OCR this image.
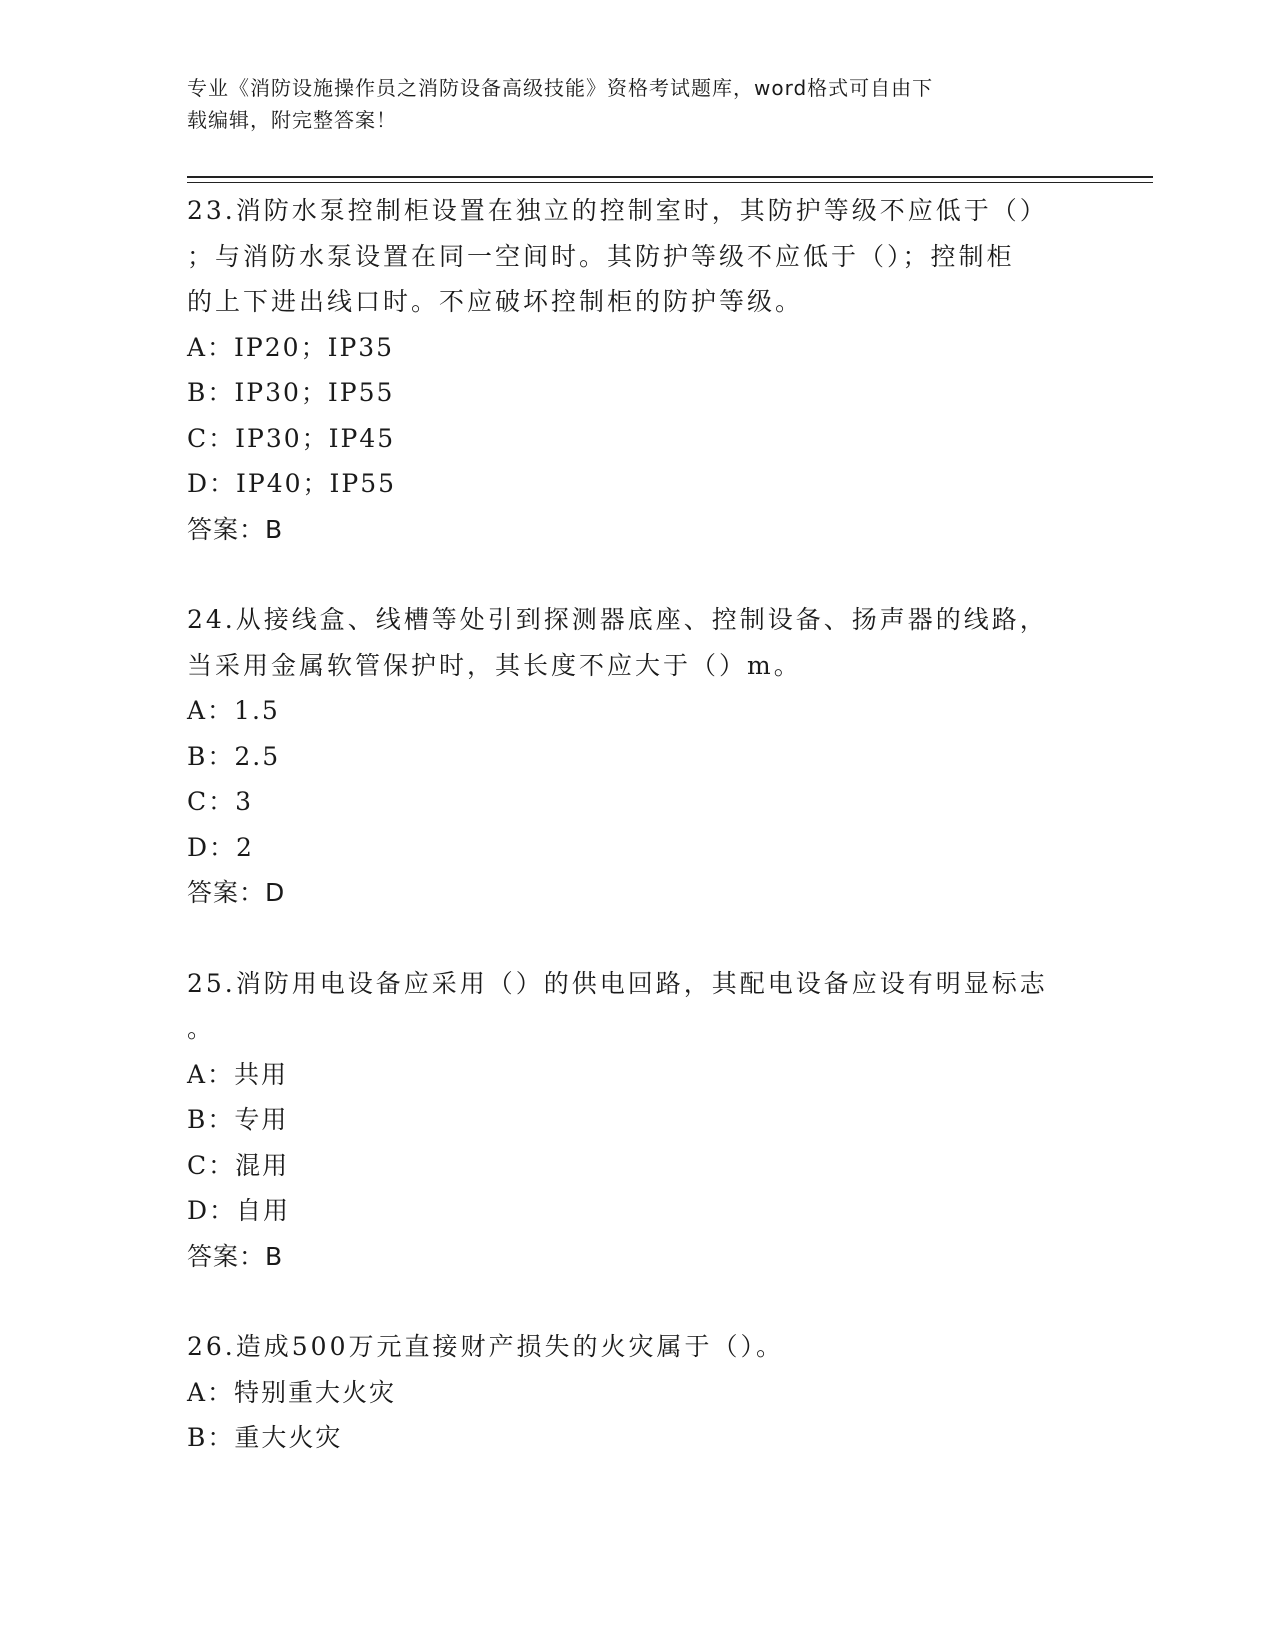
专业《消防设施操作员之消防设备高级技能》资格考试题库，word格式可自由下
载编辑，附完整答案！

23.消防水泵控制柜设置在独立的控制室时，其防护等级不应低于（）

；与消防水泵设置在同一空间时。其防护等级不应低于（）；控制柜

的上下进出线口时。不应破坏控制柜的防护等级。

A：IP20；IP35

B：IP30；IP55

C：IP30；IP45

D：IP40；IP55

答案：B

24.从接线盒、线槽等处引到探测器底座、控制设备、扬声器的线路，

当采用金属软管保护时，其长度不应大于（）m。

A：1.5

B：2.5

C：3

D：2

答案：D

25.消防用电设备应采用（）的供电回路，其配电设备应设有明显标志

。

A：共用

B：专用

C：混用

D：自用

答案：B

26.造成500万元直接财产损失的火灾属于（）。

A：特别重大火灾

B：重大火灾
